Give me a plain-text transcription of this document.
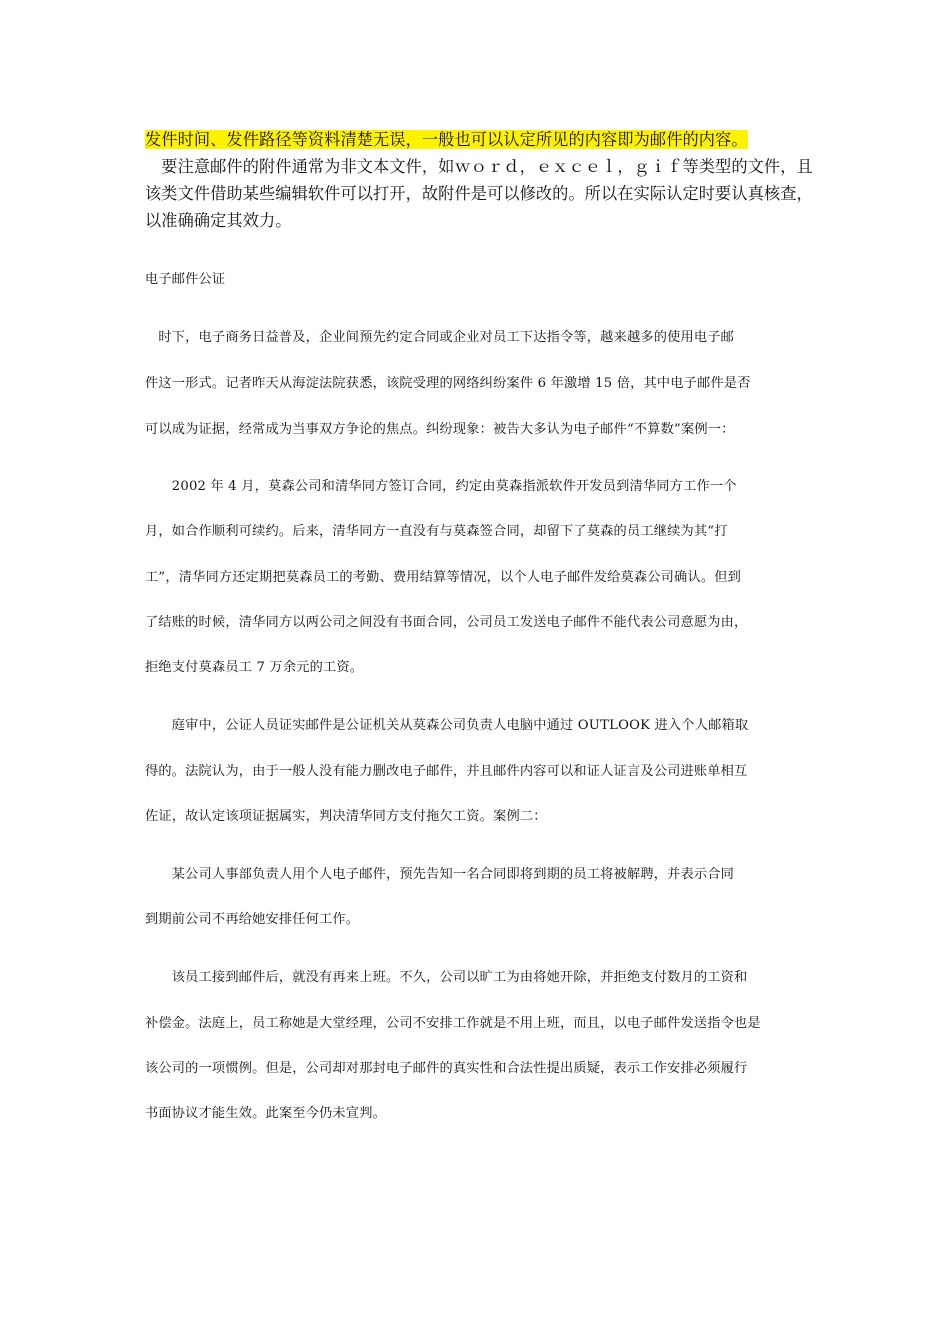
发件时间、发件路径等资料清楚无误，一般也可以认定所见的内容即为邮件的内容。
　要注意邮件的附件通常为非文本文件，如ｗｏｒｄ，ｅｘｃｅｌ，ｇｉｆ等类型的文件，且
该类文件借助某些编辑软件可以打开，故附件是可以修改的。所以在实际认定时要认真核查，
以准确确定其效力。
电子邮件公证
　时下，电子商务日益普及，企业间预先约定合同或企业对员工下达指令等，越来越多的使用电子邮
件这一形式。记者昨天从海淀法院获悉，该院受理的网络纠纷案件 6 年激增 15 倍，其中电子邮件是否
可以成为证据，经常成为当事双方争论的焦点。纠纷现象：被告大多认为电子邮件“不算数”案例一：
　　2002 年 4 月，莫森公司和清华同方签订合同，约定由莫森指派软件开发员到清华同方工作一个
月，如合作顺利可续约。后来，清华同方一直没有与莫森签合同，却留下了莫森的员工继续为其“打
工”，清华同方还定期把莫森员工的考勤、费用结算等情况，以个人电子邮件发给莫森公司确认。但到
了结账的时候，清华同方以两公司之间没有书面合同，公司员工发送电子邮件不能代表公司意愿为由，
拒绝支付莫森员工 7 万余元的工资。
　　庭审中，公证人员证实邮件是公证机关从莫森公司负责人电脑中通过 OUTLOOK 进入个人邮箱取
得的。法院认为，由于一般人没有能力删改电子邮件，并且邮件内容可以和证人证言及公司进账单相互
佐证，故认定该项证据属实，判决清华同方支付拖欠工资。案例二：
　　某公司人事部负责人用个人电子邮件，预先告知一名合同即将到期的员工将被解聘，并表示合同
到期前公司不再给她安排任何工作。
　　该员工接到邮件后，就没有再来上班。不久，公司以旷工为由将她开除，并拒绝支付数月的工资和
补偿金。法庭上，员工称她是大堂经理，公司不安排工作就是不用上班，而且，以电子邮件发送指令也是
该公司的一项惯例。但是，公司却对那封电子邮件的真实性和合法性提出质疑，表示工作安排必须履行
书面协议才能生效。此案至今仍未宣判。
